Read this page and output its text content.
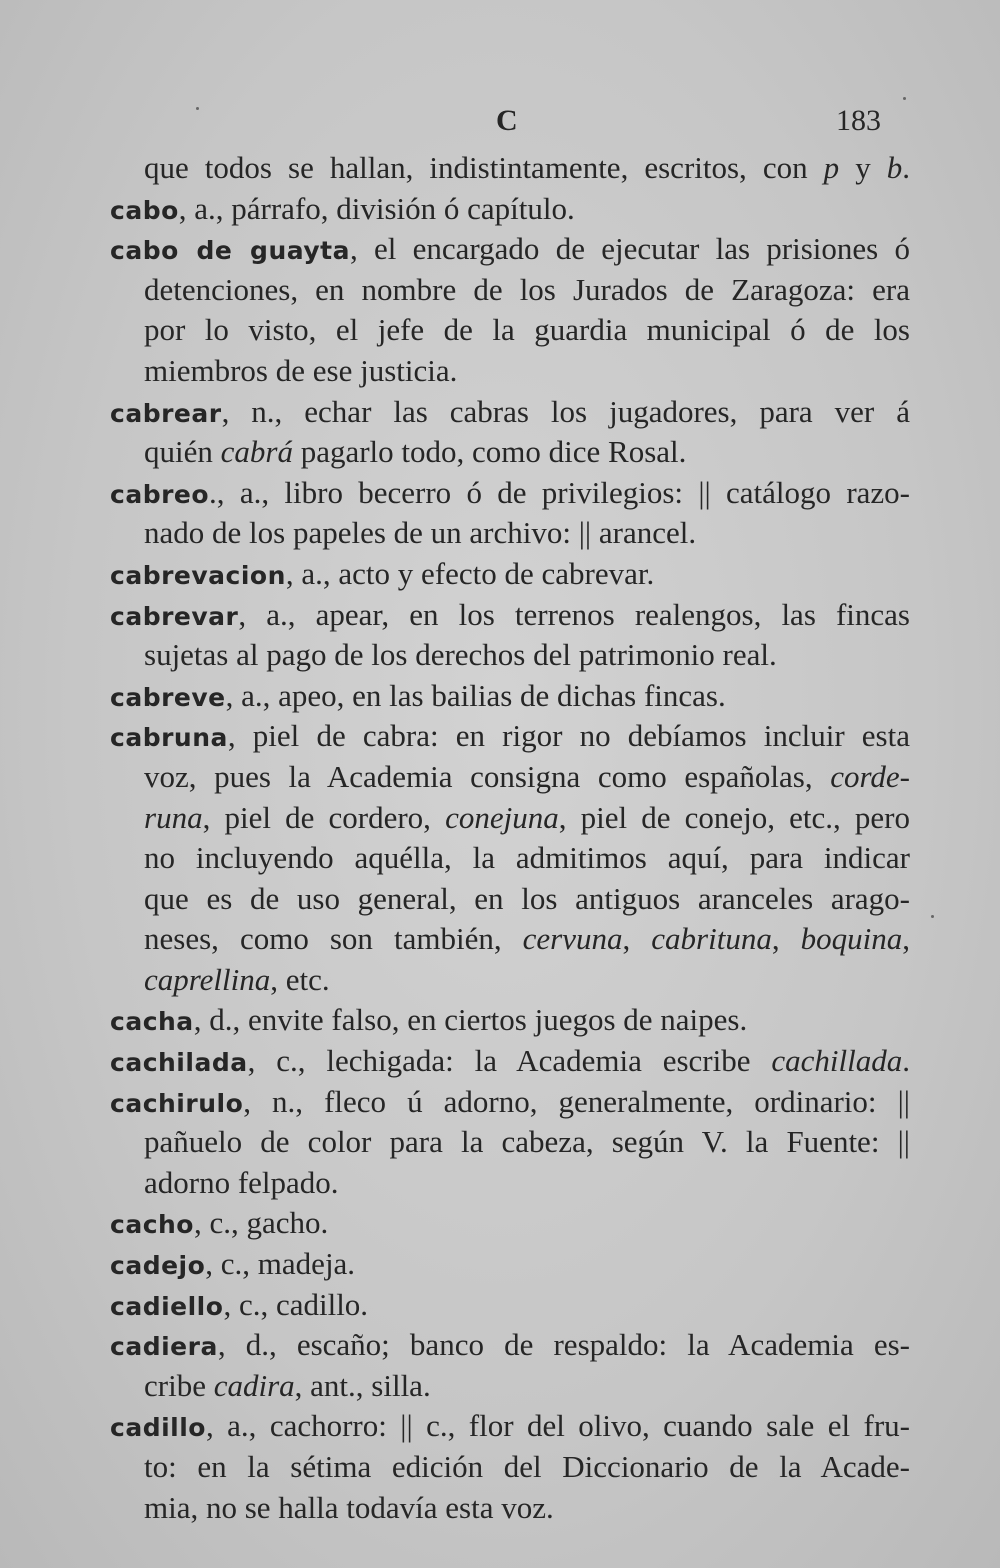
C	183
que todos se hallan, indistintamente, escritos, con p y b.
cabo, a., párrafo, división ó capítulo.
cabo de guayta, el encargado de ejecutar las prisiones ó
detenciones, en nombre de los Jurados de Zaragoza: era
por lo visto, el jefe de la guardia municipal ó de los
miembros de ese justicia.
cabrear, n., echar las cabras los jugadores, para ver á
quién cabrá pagarlo todo, como dice Rosal.
cabreo., a., libro becerro ó de privilegios: || catálogo razo-
nado de los papeles de un archivo: || arancel.
cabrevacion, a., acto y efecto de cabrevar.
cabrevar, a., apear, en los terrenos realengos, las fincas
sujetas al pago de los derechos del patrimonio real.
cabreve, a., apeo, en las bailias de dichas fincas.
cabruna, piel de cabra: en rigor no debíamos incluir esta
voz, pues la Academia consigna como españolas, corde-
runa, piel de cordero, conejuna, piel de conejo, etc., pero
no incluyendo aquélla, la admitimos aquí, para indicar
que es de uso general, en los antiguos aranceles arago-
neses, como son también, cervuna, cabrituna, boquina,
caprellina, etc.
cacha, d., envite falso, en ciertos juegos de naipes.
cachilada, c., lechigada: la Academia escribe cachillada.
cachirulo, n., fleco ú adorno, generalmente, ordinario: ||
pañuelo de color para la cabeza, según V. la Fuente: ||
adorno felpado.
cacho, c., gacho.
cadejo, c., madeja.
cadiello, c., cadillo.
cadiera, d., escaño; banco de respaldo: la Academia es-
cribe cadira, ant., silla.
cadillo, a., cachorro: || c., flor del olivo, cuando sale el fru-
to: en la sétima edición del Diccionario de la Acade-
mia, no se halla todavía esta voz.
